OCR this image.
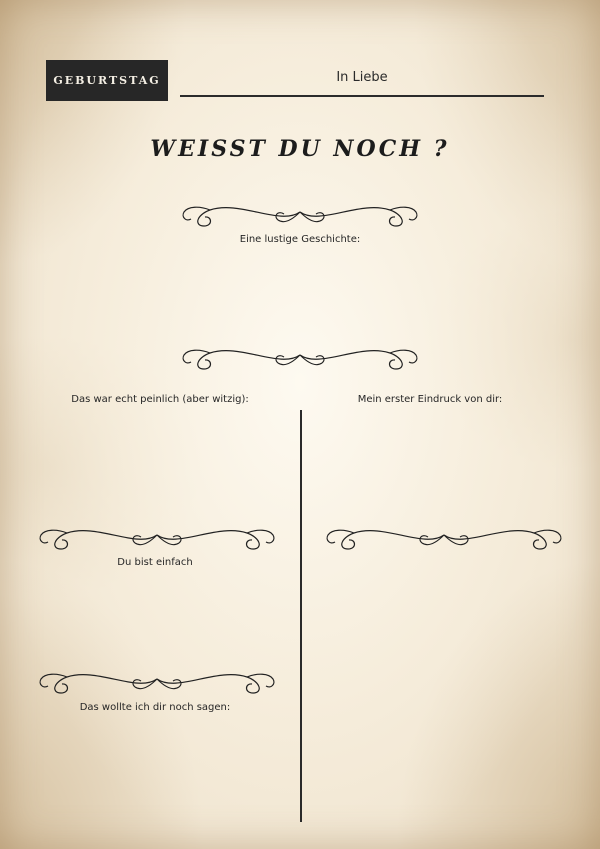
GEBURTSTAG	In Liebe
WEISST DU NOCH ?
Eine lustige Geschichte:
Das war echt peinlich (aber witzig):	Mein erster Eindruck von dir:
Du bist einfach
Das wollte ich dir noch sagen:
